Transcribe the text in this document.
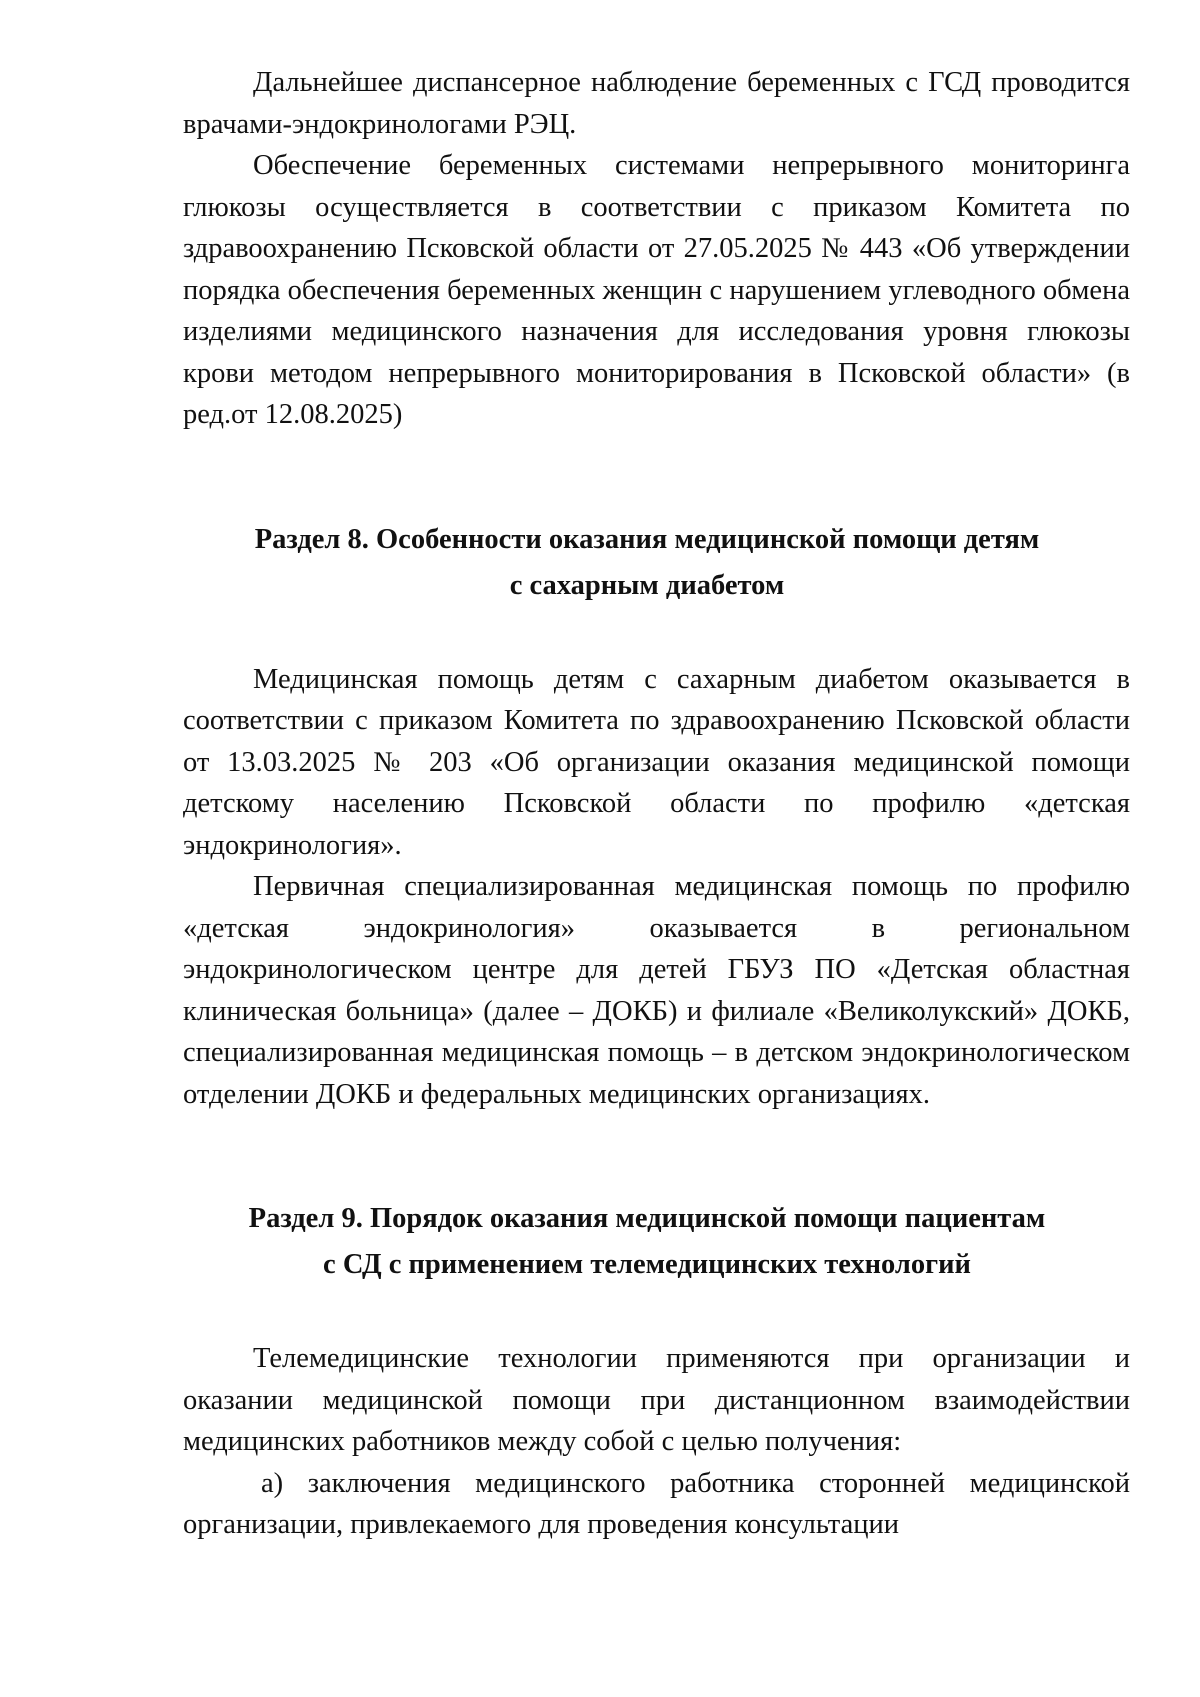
Дальнейшее диспансерное наблюдение беременных с ГСД проводится врачами-эндокринологами РЭЦ.

Обеспечение беременных системами непрерывного мониторинга глюкозы осуществляется в соответствии с приказом Комитета по здравоохранению Псковской области от 27.05.2025 № 443 «Об утверждении порядка обеспечения беременных женщин с нарушением углеводного обмена изделиями медицинского назначения для исследования уровня глюкозы крови методом непрерывного мониторирования в Псковской области» (в ред.от 12.08.2025)

Раздел 8. Особенности оказания медицинской помощи детям
с сахарным диабетом

Медицинская помощь детям с сахарным диабетом оказывается в соответствии с приказом Комитета по здравоохранению Псковской области от 13.03.2025 № 203 «Об организации оказания медицинской помощи детскому населению Псковской области по профилю «детская эндокринология».

Первичная специализированная медицинская помощь по профилю «детская эндокринология» оказывается в региональном эндокринологическом центре для детей ГБУЗ ПО «Детская областная клиническая больница» (далее – ДОКБ) и филиале «Великолукский» ДОКБ, специализированная медицинская помощь – в детском эндокринологическом отделении ДОКБ и федеральных медицинских организациях.

Раздел 9. Порядок оказания медицинской помощи пациентам
с СД с применением телемедицинских технологий

Телемедицинские технологии применяются при организации и оказании медицинской помощи при дистанционном взаимодействии медицинских работников между собой с целью получения:

а) заключения медицинского работника сторонней медицинской организации, привлекаемого для проведения консультации
